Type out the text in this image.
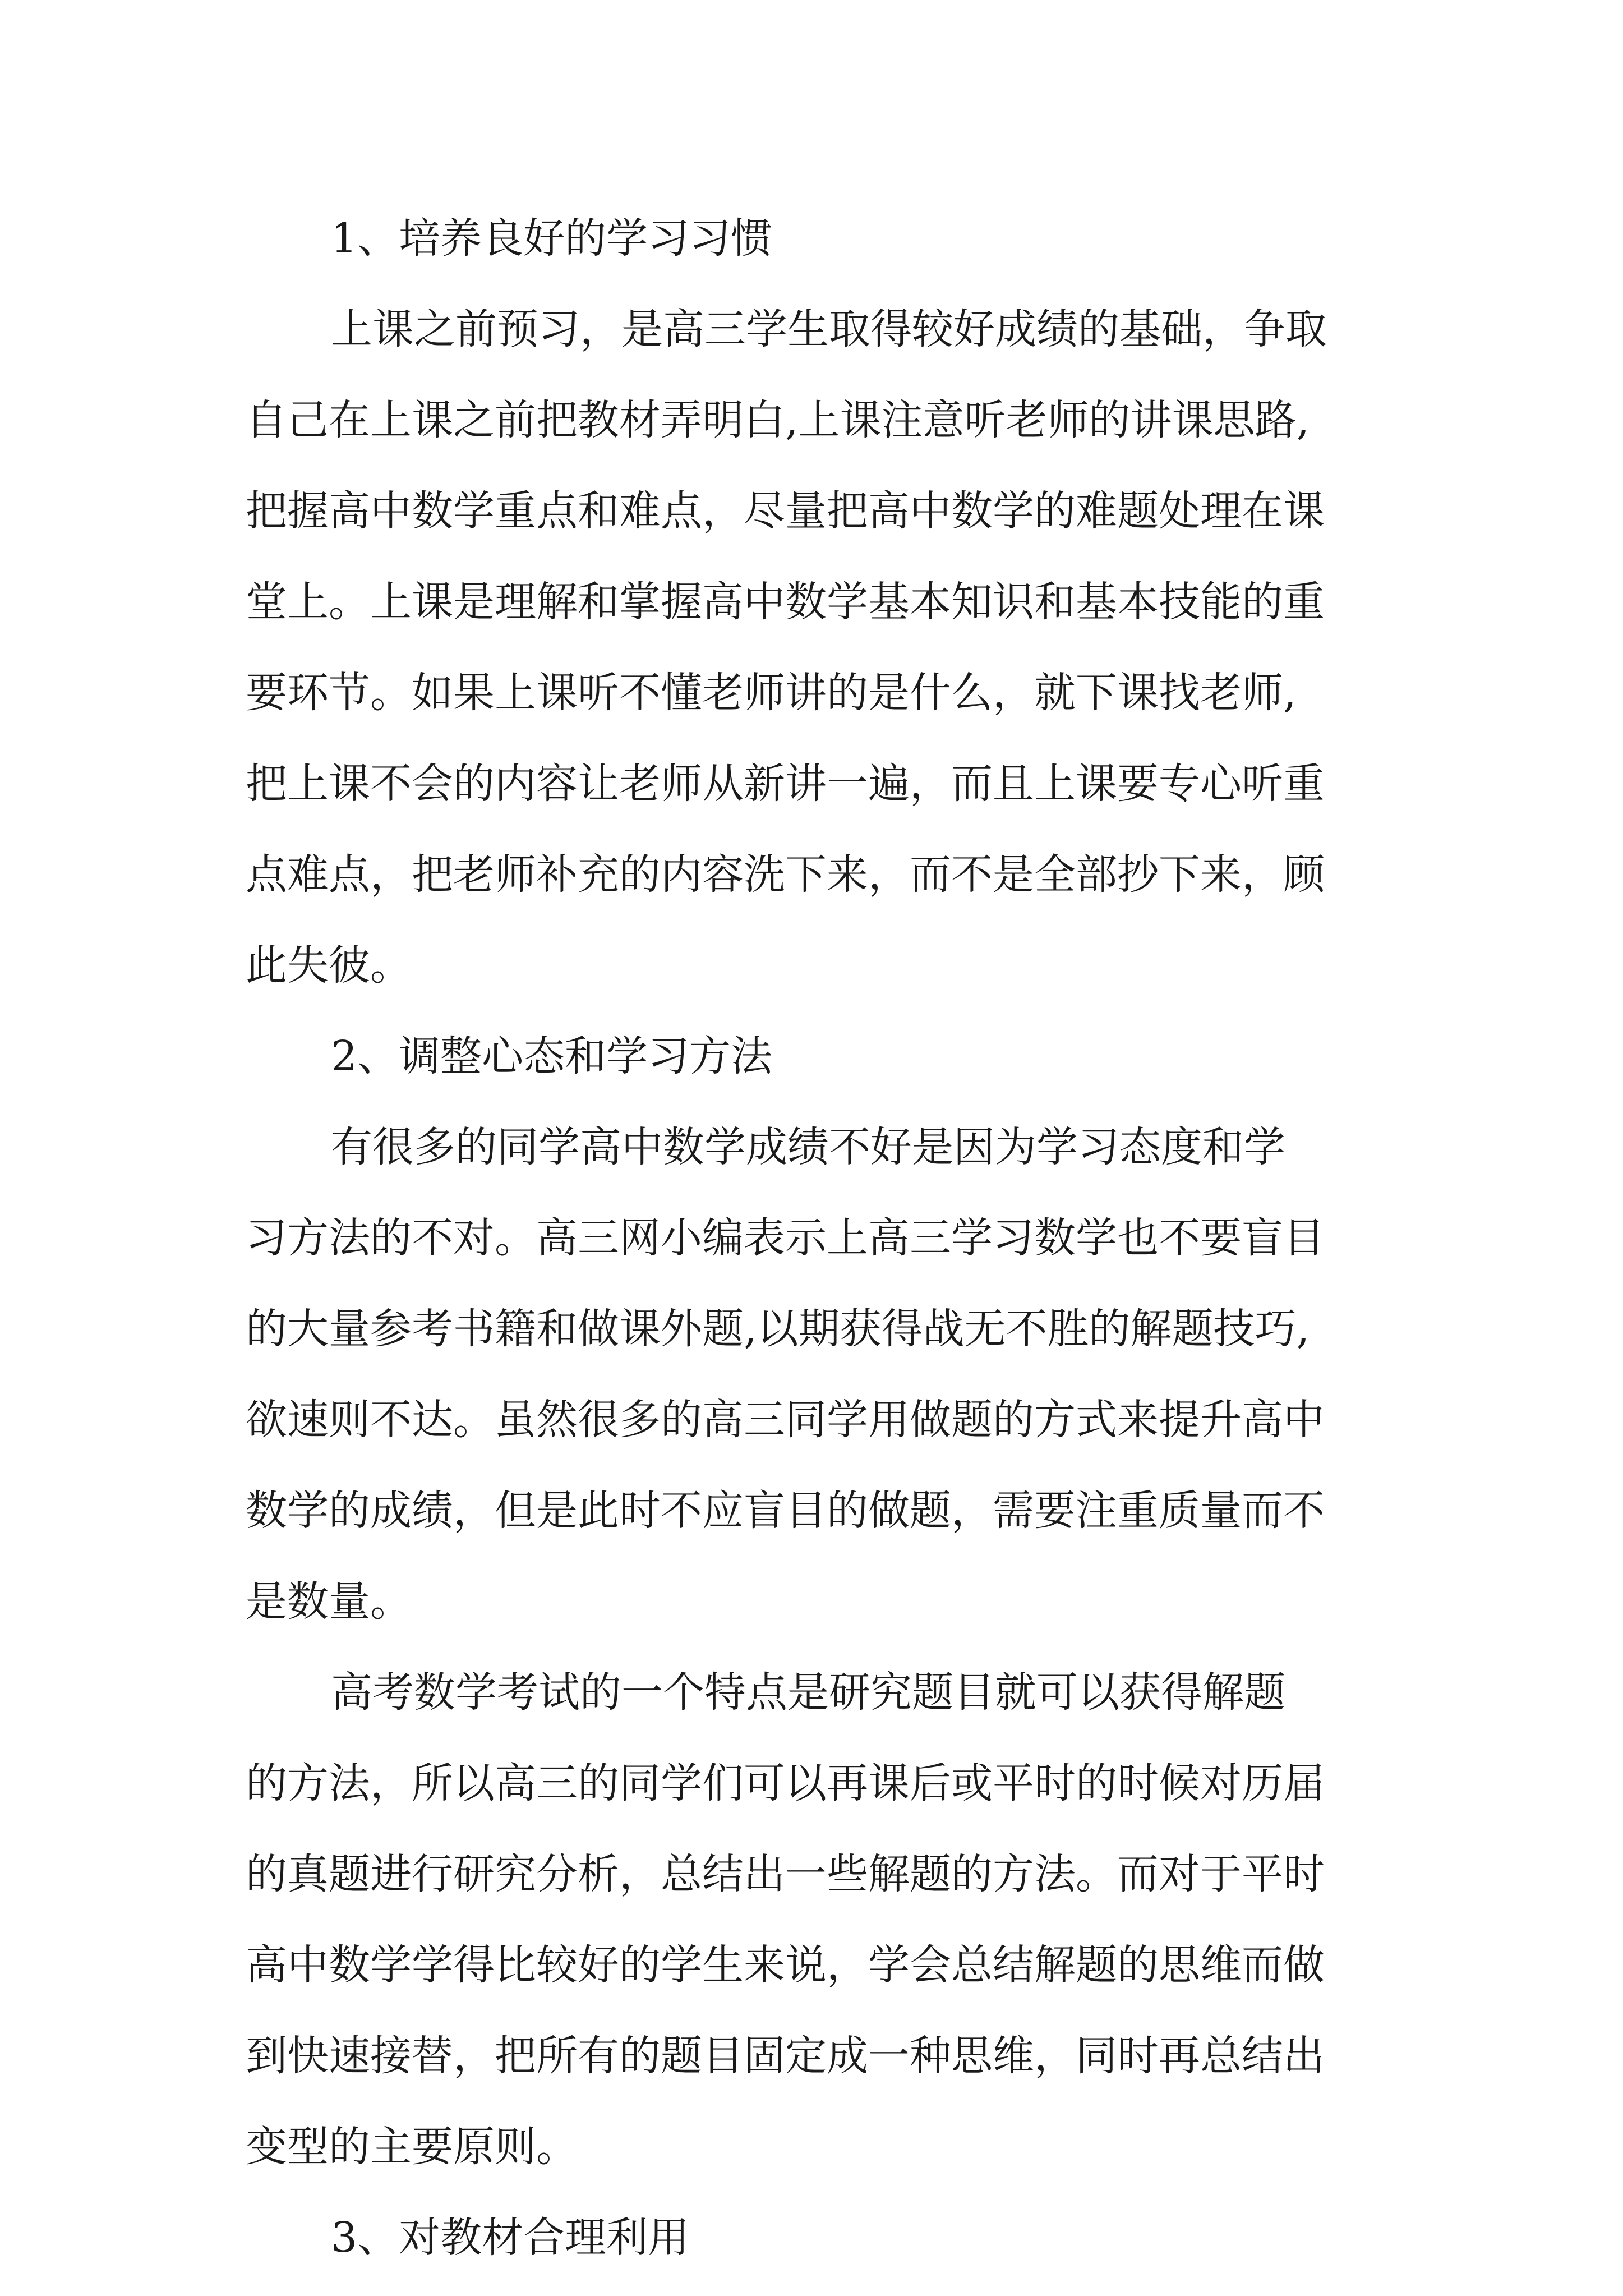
1、培养良好的学习习惯
上课之前预习，是高三学生取得较好成绩的基础，争取
自己在上课之前把教材弄明白,上课注意听老师的讲课思路,
把握高中数学重点和难点，尽量把高中数学的难题处理在课
堂上。上课是理解和掌握高中数学基本知识和基本技能的重
要环节。如果上课听不懂老师讲的是什么，就下课找老师,
把上课不会的内容让老师从新讲一遍，而且上课要专心听重
点难点，把老师补充的内容洗下来，而不是全部抄下来，顾
此失彼。
2、调整心态和学习方法
有很多的同学高中数学成绩不好是因为学习态度和学
习方法的不对。高三网小编表示上高三学习数学也不要盲目
的大量参考书籍和做课外题,以期获得战无不胜的解题技巧,
欲速则不达。虽然很多的高三同学用做题的方式来提升高中
数学的成绩，但是此时不应盲目的做题，需要注重质量而不
是数量。
高考数学考试的一个特点是研究题目就可以获得解题
的方法，所以高三的同学们可以再课后或平时的时候对历届
的真题进行研究分析，总结出一些解题的方法。而对于平时
高中数学学得比较好的学生来说，学会总结解题的思维而做
到快速接替，把所有的题目固定成一种思维，同时再总结出
变型的主要原则。
3、对教材合理利用
